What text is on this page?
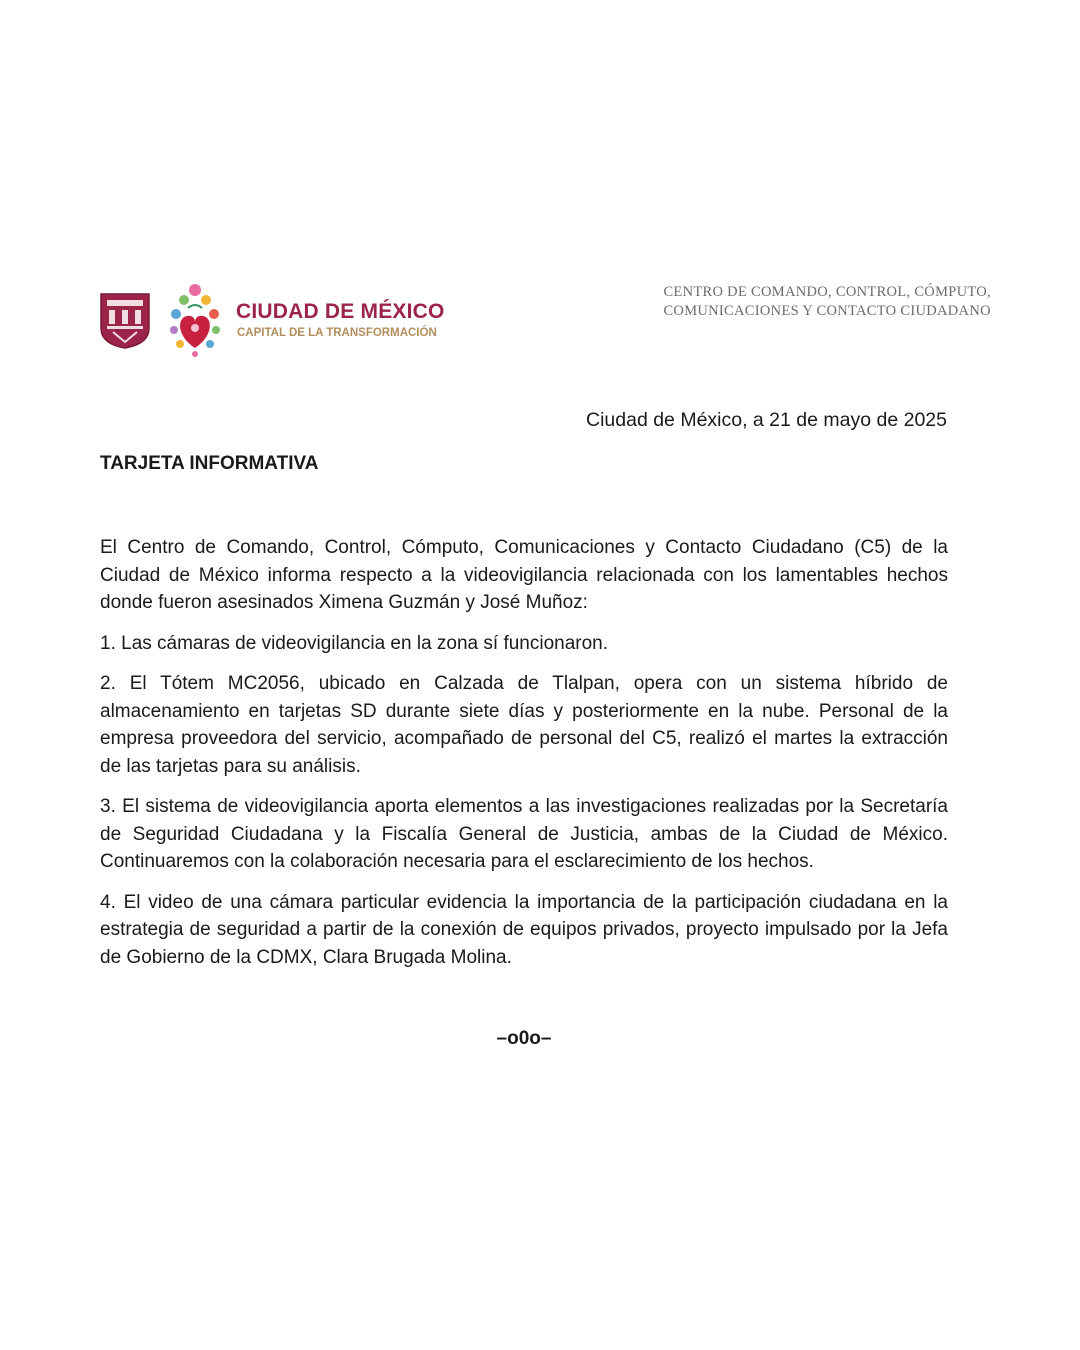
CIUDAD DE MÉXICO
CAPITAL DE LA TRANSFORMACIÓN
CENTRO DE COMANDO, CONTROL, CÓMPUTO,
COMUNICACIONES Y CONTACTO CIUDADANO
Ciudad de México, a 21 de mayo de 2025
TARJETA INFORMATIVA

El Centro de Comando, Control, Cómputo, Comunicaciones y Contacto Ciudadano (C5) de la Ciudad de México informa respecto a la videovigilancia relacionada con los lamentables hechos donde fueron asesinados Ximena Guzmán y José Muñoz:

1. Las cámaras de videovigilancia en la zona sí funcionaron.

2. El Tótem MC2056, ubicado en Calzada de Tlalpan, opera con un sistema híbrido de almacenamiento en tarjetas SD durante siete días y posteriormente en la nube. Personal de la empresa proveedora del servicio, acompañado de personal del C5, realizó el martes la extracción de las tarjetas para su análisis.

3. El sistema de videovigilancia aporta elementos a las investigaciones realizadas por la Secretaría de Seguridad Ciudadana y la Fiscalía General de Justicia, ambas de la Ciudad de México. Continuaremos con la colaboración necesaria para el esclarecimiento de los hechos.

4. El video de una cámara particular evidencia la importancia de la participación ciudadana en la estrategia de seguridad a partir de la conexión de equipos privados, proyecto impulsado por la Jefa de Gobierno de la CDMX, Clara Brugada Molina.

–o0o–
